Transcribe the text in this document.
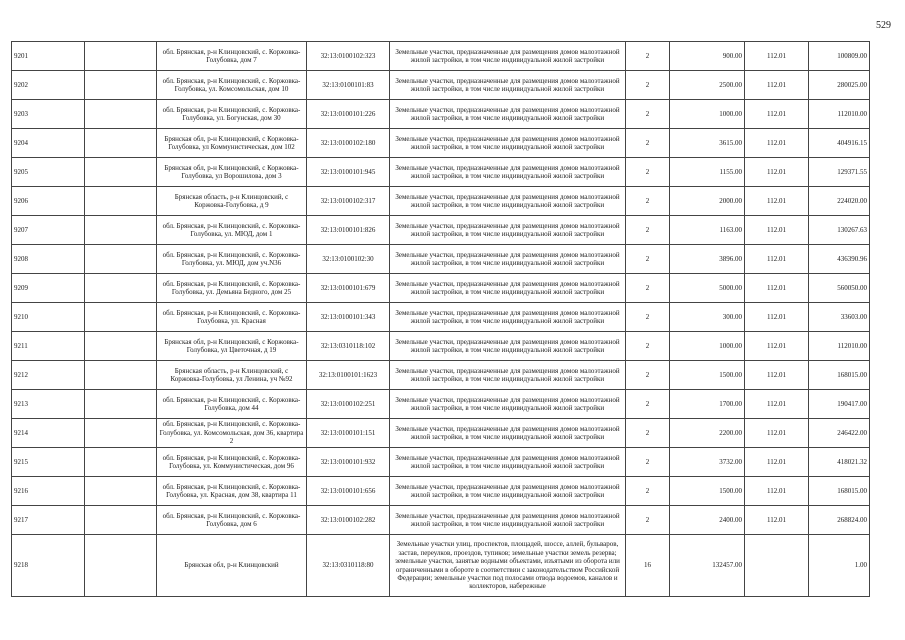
529
9201		обл. Брянская, р-н Клинцовский, с. Коржовка-Голубовка, дом 7	32:13:0100102:323	Земельные участки, предназначенные для размещения домов малоэтажной жилой застройки, в том числе индивидуальной жилой застройки	2	900.00	112.01	100809.00
9202		обл. Брянская, р-н Клинцовский, с. Коржовка-Голубовка, ул. Комсомольская, дом 10	32:13:0100101:83	Земельные участки, предназначенные для размещения домов малоэтажной жилой застройки, в том числе индивидуальной жилой застройки	2	2500.00	112.01	280025.00
9203		обл. Брянская, р-н Клинцовский, с. Коржовка-Голубовка, ул. Богунская, дом 30	32:13:0100101:226	Земельные участки, предназначенные для размещения домов малоэтажной жилой застройки, в том числе индивидуальной жилой застройки	2	1000.00	112.01	112010.00
9204		Брянская обл, р-н Клинцовский, с Коржовка-Голубовка, ул Коммунистическая, дом 102	32:13:0100102:180	Земельные участки, предназначенные для размещения домов малоэтажной жилой застройки, в том числе индивидуальной жилой застройки	2	3615.00	112.01	404916.15
9205		Брянская обл, р-н Клинцовский, с Коржовка-Голубовка, ул Ворошилова, дом 3	32:13:0100101:945	Земельные участки, предназначенные для размещения домов малоэтажной жилой застройки, в том числе индивидуальной жилой застройки	2	1155.00	112.01	129371.55
9206		Брянская область, р-н Клинцовский, с Коржовка-Голубовка, д 9	32:13:0100102:317	Земельные участки, предназначенные для размещения домов малоэтажной жилой застройки, в том числе индивидуальной жилой застройки	2	2000.00	112.01	224020.00
9207		обл. Брянская, р-н Клинцовский, с. Коржовка-Голубовка, ул. МЮД, дом 1	32:13:0100101:826	Земельные участки, предназначенные для размещения домов малоэтажной жилой застройки, в том числе индивидуальной жилой застройки	2	1163.00	112.01	130267.63
9208		обл. Брянская, р-н Клинцовский, с. Коржовка-Голубовка, ул. МЮД, дом уч.N36	32:13:0100102:30	Земельные участки, предназначенные для размещения домов малоэтажной жилой застройки, в том числе индивидуальной жилой застройки	2	3896.00	112.01	436390.96
9209		обл. Брянская, р-н Клинцовский, с. Коржовка-Голубовка, ул. Демьяна Бедного, дом 25	32:13:0100101:679	Земельные участки, предназначенные для размещения домов малоэтажной жилой застройки, в том числе индивидуальной жилой застройки	2	5000.00	112.01	560050.00
9210		обл. Брянская, р-н Клинцовский, с. Коржовка-Голубовка, ул. Красная	32:13:0100101:343	Земельные участки, предназначенные для размещения домов малоэтажной жилой застройки, в том числе индивидуальной жилой застройки	2	300.00	112.01	33603.00
9211		Брянская обл, р-н Клинцовский, с Коржовка-Голубовка, ул Цветочная, д 19	32:13:0310118:102	Земельные участки, предназначенные для размещения домов малоэтажной жилой застройки, в том числе индивидуальной жилой застройки	2	1000.00	112.01	112010.00
9212		Брянская область, р-н Клинцовский, с Коржовка-Голубовка, ул Ленина, уч №92	32:13:0100101:1623	Земельные участки, предназначенные для размещения домов малоэтажной жилой застройки, в том числе индивидуальной жилой застройки	2	1500.00	112.01	168015.00
9213		обл. Брянская, р-н Клинцовский, с. Коржовка-Голубовка, дом 44	32:13:0100102:251	Земельные участки, предназначенные для размещения домов малоэтажной жилой застройки, в том числе индивидуальной жилой застройки	2	1700.00	112.01	190417.00
9214		обл. Брянская, р-н Клинцовский, с. Коржовка-Голубовка, ул. Комсомольская, дом 36, квартира 2	32:13:0100101:151	Земельные участки, предназначенные для размещения домов малоэтажной жилой застройки, в том числе индивидуальной жилой застройки	2	2200.00	112.01	246422.00
9215		обл. Брянская, р-н Клинцовский, с. Коржовка-Голубовка, ул. Коммунистическая, дом 96	32:13:0100101:932	Земельные участки, предназначенные для размещения домов малоэтажной жилой застройки, в том числе индивидуальной жилой застройки	2	3732.00	112.01	418021.32
9216		обл. Брянская, р-н Клинцовский, с. Коржовка-Голубовка, ул. Красная, дом 38, квартира 11	32:13:0100101:656	Земельные участки, предназначенные для размещения домов малоэтажной жилой застройки, в том числе индивидуальной жилой застройки	2	1500.00	112.01	168015.00
9217		обл. Брянская, р-н Клинцовский, с. Коржовка-Голубовка, дом 6	32:13:0100102:282	Земельные участки, предназначенные для размещения домов малоэтажной жилой застройки, в том числе индивидуальной жилой застройки	2	2400.00	112.01	268824.00
9218		Брянская обл, р-н Клинцовский	32:13:0310118:80	Земельные участки улиц, проспектов, площадей, шоссе, аллей, бульваров, застав, переулков, проездов, тупиков; земельные участки земель резерва; земельные участки, занятые водными объектами, изъятыми из оборота или ограниченными в обороте в соответствии с законодательством Российской Федерации; земельные участки под полосами отвода водоемов, каналов и коллекторов, набережные	16	132457.00		1.00
